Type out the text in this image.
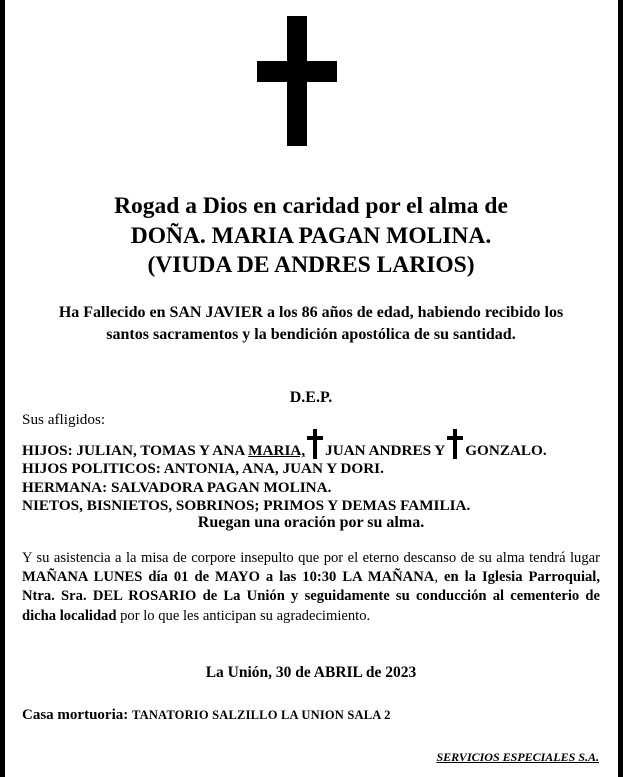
Rogad a Dios en caridad por el alma de
DOÑA. MARIA PAGAN MOLINA.
(VIUDA DE ANDRES LARIOS)
Ha Fallecido en SAN JAVIER a los 86 años de edad, habiendo recibido los santos sacramentos y la bendición apostólica de su santidad.
D.E.P.
Sus afligidos:
HIJOS: JULIAN, TOMAS Y ANA MARIA, JUAN ANDRES Y GONZALO.
HIJOS POLITICOS: ANTONIA, ANA, JUAN Y DORI.
HERMANA: SALVADORA PAGAN MOLINA.
NIETOS, BISNIETOS, SOBRINOS; PRIMOS Y DEMAS FAMILIA.
Ruegan una oración por su alma.
Y su asistencia a la misa de corpore insepulto que por el eterno descanso de su alma tendrá lugar MAÑANA LUNES día 01 de MAYO a las 10:30 LA MAÑANA, en la Iglesia Parroquial, Ntra. Sra. DEL ROSARIO de La Unión y seguidamente su conducción al cementerio de dicha localidad por lo que les anticipan su agradecimiento.
La Unión, 30 de ABRIL de 2023
Casa mortuoria: TANATORIO SALZILLO LA UNION SALA 2
SERVICIOS ESPECIALES S.A.
